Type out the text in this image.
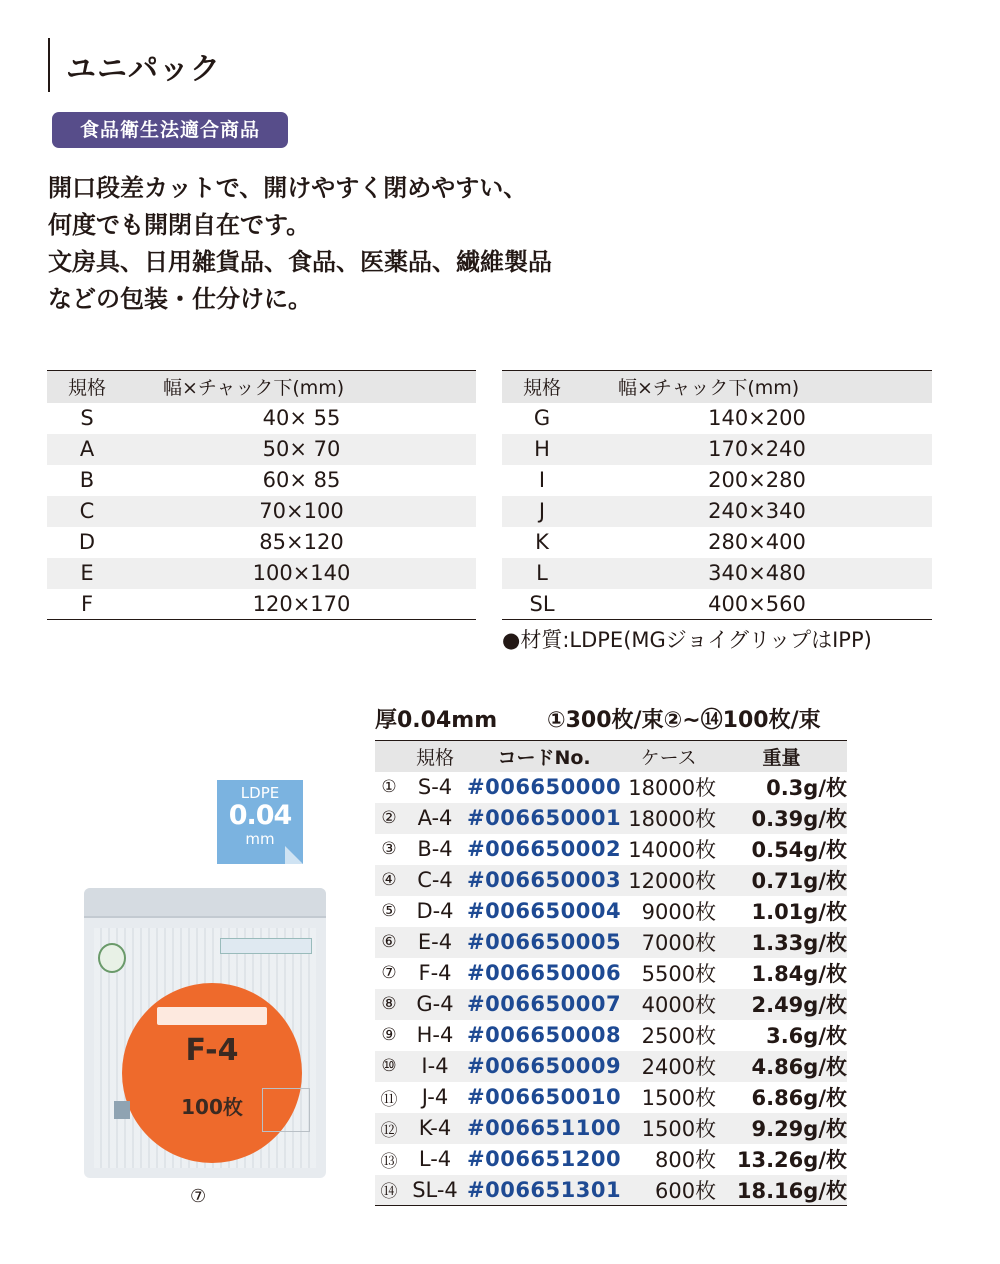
ユニパック
食品衛生法適合商品
開口段差カットで、開けやすく閉めやすい、
何度でも開閉自在です。
文房具、日用雑貨品、食品、医薬品、繊維製品
などの包装・仕分けに。
規格	幅×チャック下(mm)
S	40× 55
A	50× 70
B	60× 85
C	70×100
D	85×120
E	100×140
F	120×170
規格	幅×チャック下(mm)
G	140×200
H	170×240
I	200×280
J	240×340
K	280×400
L	340×480
SL	400×560
●材質:LDPE(MGジョイグリップはIPP)
厚0.04mm ①300枚/束②~⑭100枚/束
	規格	コードNo.	ケース	重量
①	S-4	#006650000	18000枚	0.3g/枚
②	A-4	#006650001	18000枚	0.39g/枚
③	B-4	#006650002	14000枚	0.54g/枚
④	C-4	#006650003	12000枚	0.71g/枚
⑤	D-4	#006650004	9000枚	1.01g/枚
⑥	E-4	#006650005	7000枚	1.33g/枚
⑦	F-4	#006650006	5500枚	1.84g/枚
⑧	G-4	#006650007	4000枚	2.49g/枚
⑨	H-4	#006650008	2500枚	3.6g/枚
⑩	I-4	#006650009	2400枚	4.86g/枚
⑪	J-4	#006650010	1500枚	6.86g/枚
⑫	K-4	#006651100	1500枚	9.29g/枚
⑬	L-4	#006651200	800枚	13.26g/枚
⑭	SL-4	#006651301	600枚	18.16g/枚
LDPE
0.04
mm
F-4
100枚
⑦
